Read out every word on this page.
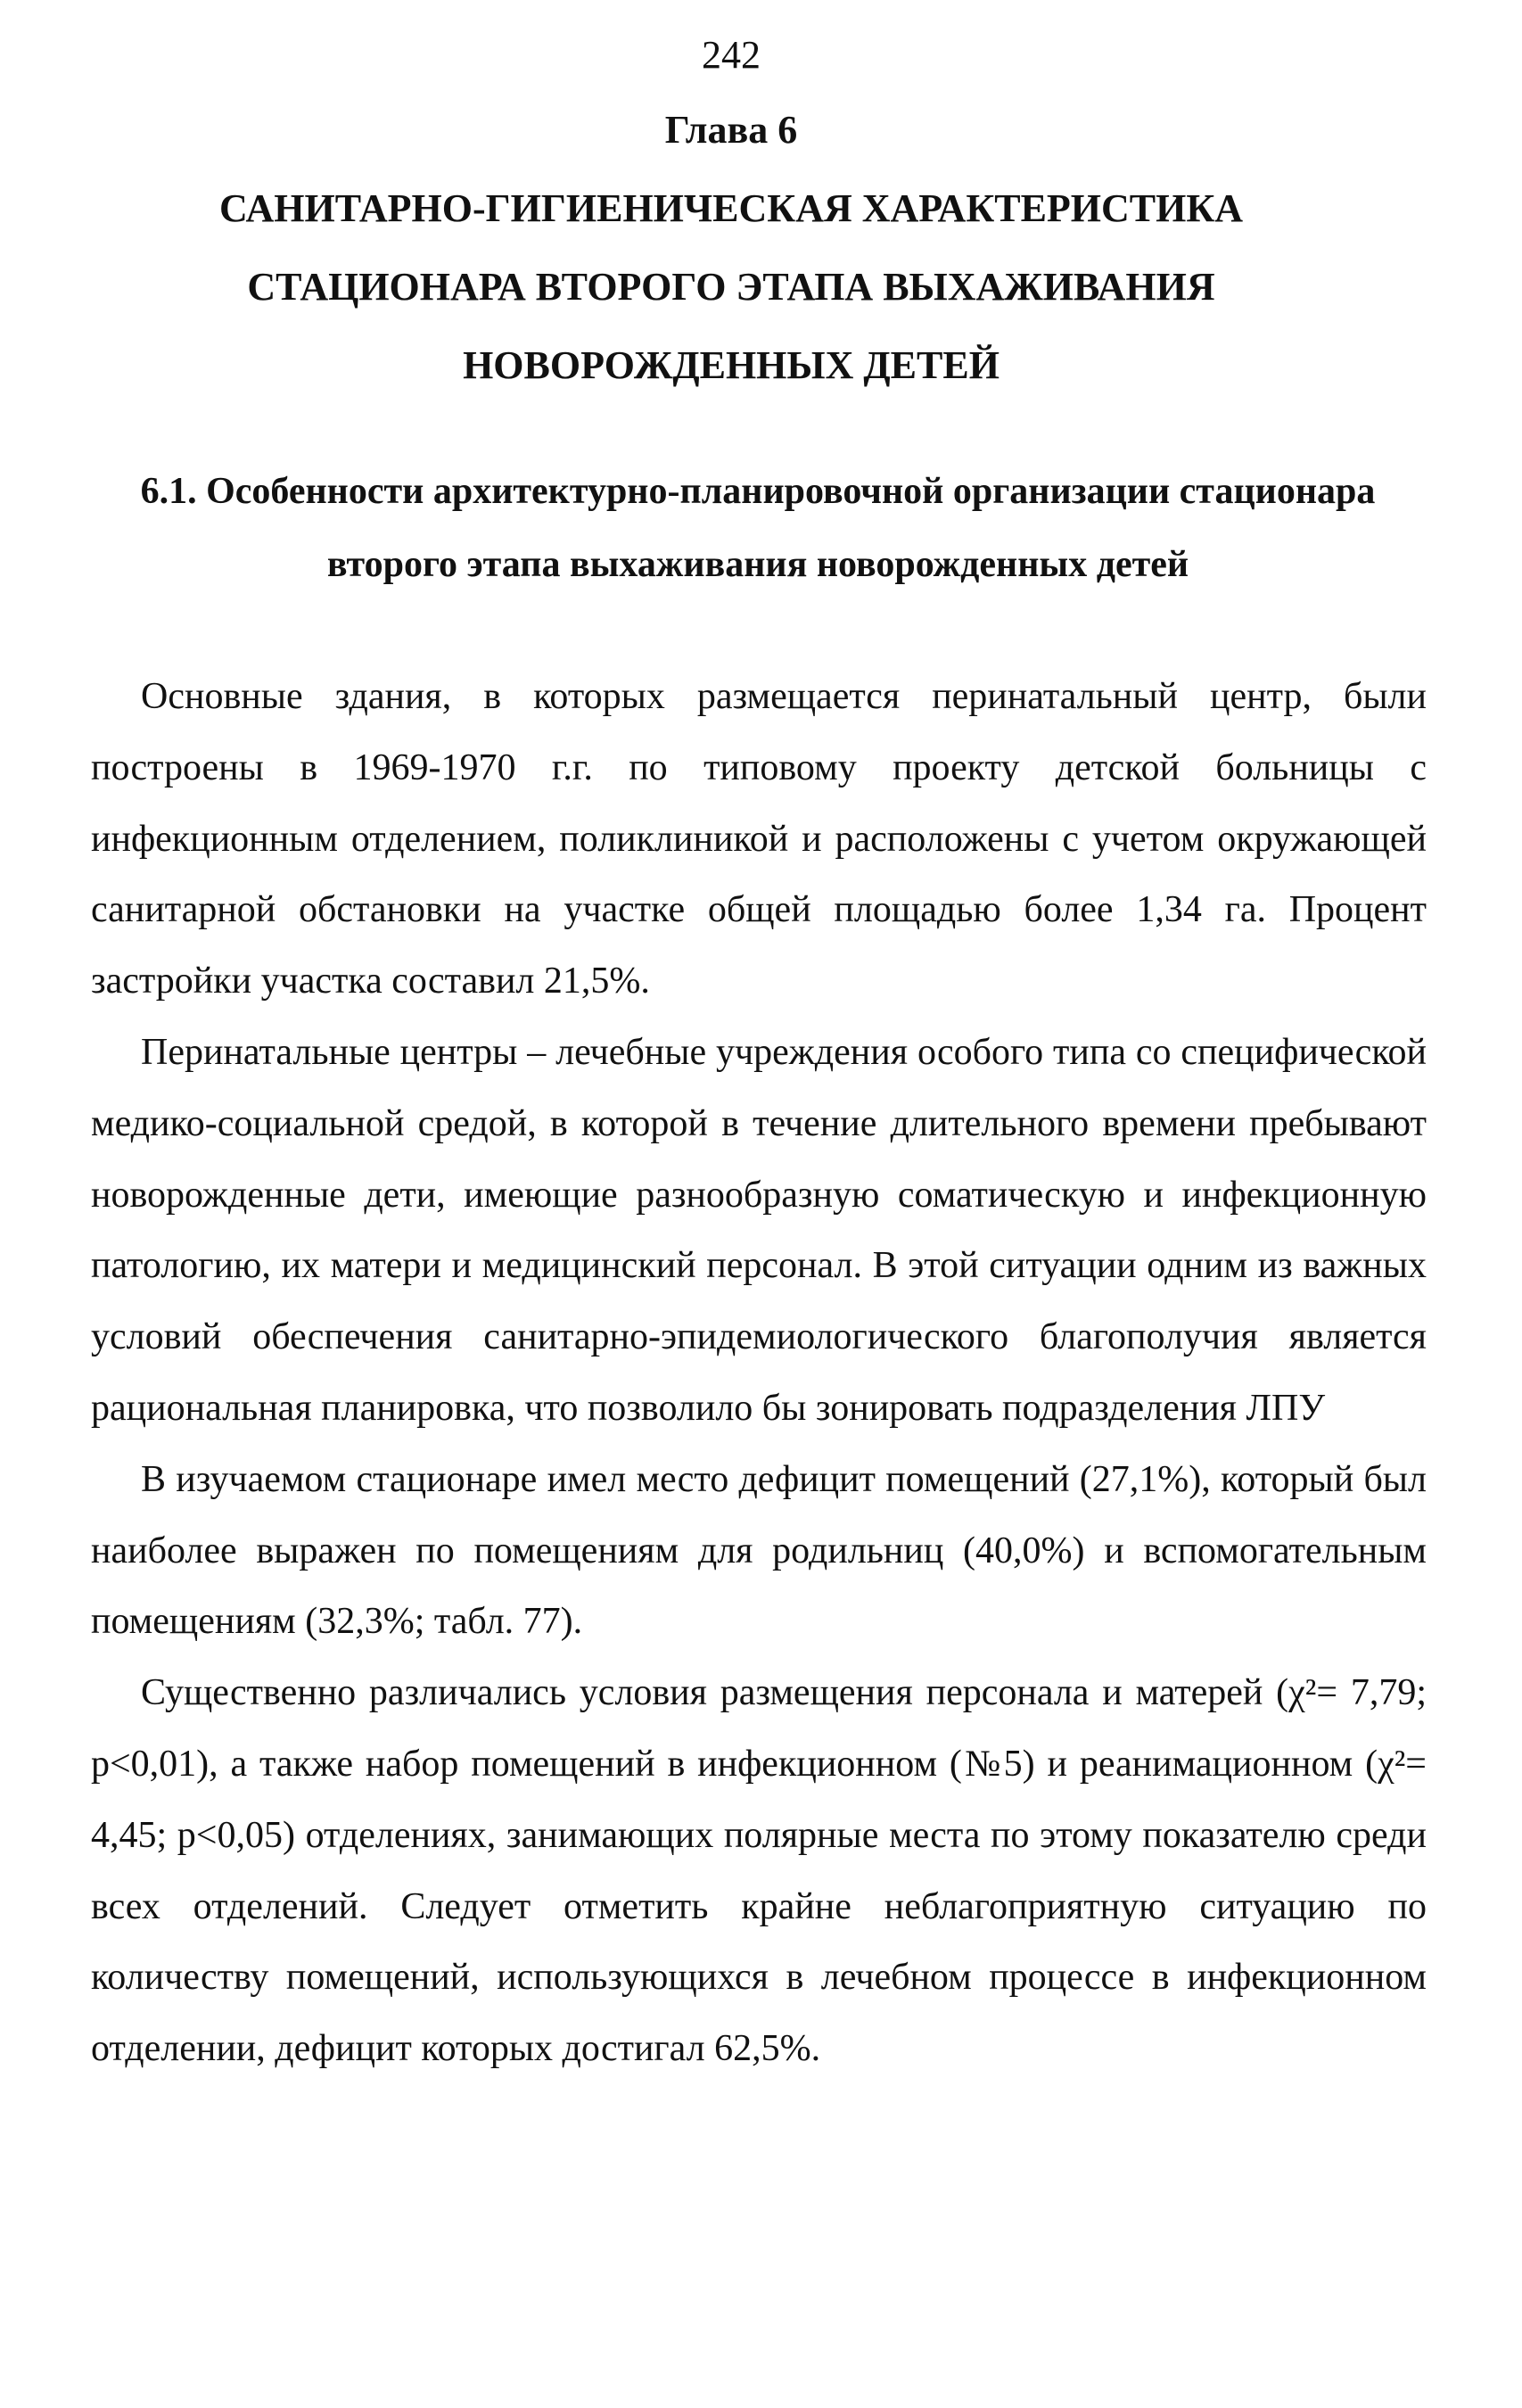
242
Глава 6
САНИТАРНО-ГИГИЕНИЧЕСКАЯ ХАРАКТЕРИСТИКА
СТАЦИОНАРА ВТОРОГО ЭТАПА ВЫХАЖИВАНИЯ
НОВОРОЖДЕННЫХ ДЕТЕЙ
6.1. Особенности архитектурно-планировочной организации стационара
второго этапа выхаживания новорожденных детей

Основные здания, в которых размещается перинатальный центр, были построены в 1969-1970 г.г. по типовому проекту детской больницы с инфекционным отделением, поликлиникой и расположены с учетом окружающей санитарной обстановки на участке общей площадью более 1,34 га. Процент застройки участка составил 21,5%.

Перинатальные центры – лечебные учреждения особого типа со специфической медико-социальной средой, в которой в течение длительного времени пребывают новорожденные дети, имеющие разнообразную соматическую и инфекционную патологию, их матери и медицинский персонал. В этой ситуации одним из важных условий обеспечения санитарно-эпидемиологического благополучия является рациональная планировка, что позволило бы зонировать подразделения ЛПУ

В изучаемом стационаре имел место дефицит помещений (27,1%), который был наиболее выражен по помещениям для родильниц (40,0%) и вспомогательным помещениям (32,3%; табл. 77).

Существенно различались условия размещения персонала и матерей (χ²= 7,79; р<0,01), а также набор помещений в инфекционном (№5) и реанимационном (χ²= 4,45; р<0,05) отделениях, занимающих полярные места по этому показателю среди всех отделений. Следует отметить крайне неблагоприятную ситуацию по количеству помещений, использующихся в лечебном процессе в инфекционном отделении, дефицит которых достигал 62,5%.
